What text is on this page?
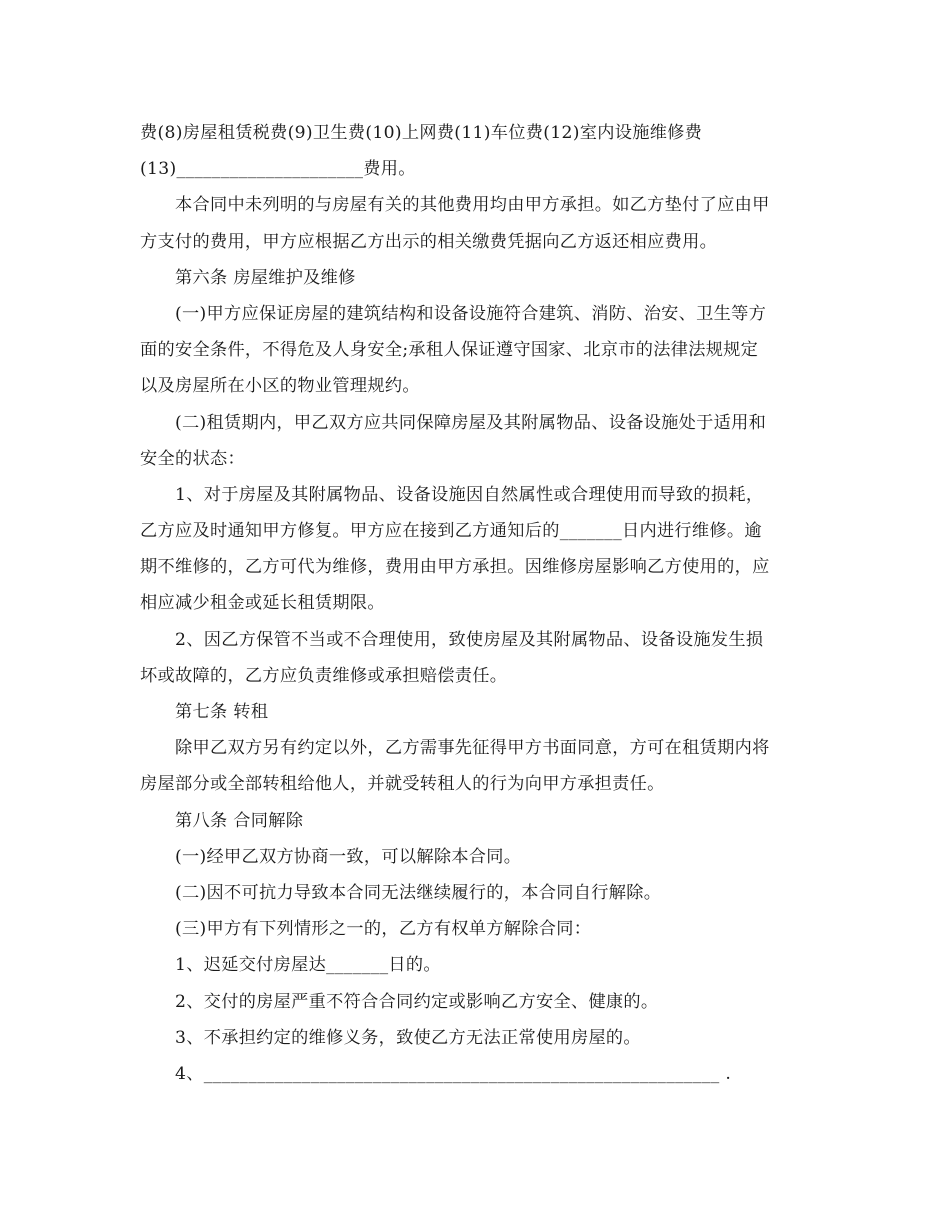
费(8)房屋租赁税费(9)卫生费(10)上网费(11)车位费(12)室内设施维修费
(13)_____________________费用。
本合同中未列明的与房屋有关的其他费用均由甲方承担。如乙方垫付了应由甲
方支付的费用，甲方应根据乙方出示的相关缴费凭据向乙方返还相应费用。
第六条 房屋维护及维修
(一)甲方应保证房屋的建筑结构和设备设施符合建筑、消防、治安、卫生等方
面的安全条件，不得危及人身安全;承租人保证遵守国家、北京市的法律法规规定
以及房屋所在小区的物业管理规约。
(二)租赁期内，甲乙双方应共同保障房屋及其附属物品、设备设施处于适用和
安全的状态：
1、对于房屋及其附属物品、设备设施因自然属性或合理使用而导致的损耗，
乙方应及时通知甲方修复。甲方应在接到乙方通知后的_______日内进行维修。逾
期不维修的，乙方可代为维修，费用由甲方承担。因维修房屋影响乙方使用的，应
相应减少租金或延长租赁期限。
2、因乙方保管不当或不合理使用，致使房屋及其附属物品、设备设施发生损
坏或故障的，乙方应负责维修或承担赔偿责任。
第七条 转租
除甲乙双方另有约定以外，乙方需事先征得甲方书面同意，方可在租赁期内将
房屋部分或全部转租给他人，并就受转租人的行为向甲方承担责任。
第八条 合同解除
(一)经甲乙双方协商一致，可以解除本合同。
(二)因不可抗力导致本合同无法继续履行的，本合同自行解除。
(三)甲方有下列情形之一的，乙方有权单方解除合同：
1、迟延交付房屋达_______日的。
2、交付的房屋严重不符合合同约定或影响乙方安全、健康的。
3、不承担约定的维修义务，致使乙方无法正常使用房屋的。
4、__________________________________________________________ .
